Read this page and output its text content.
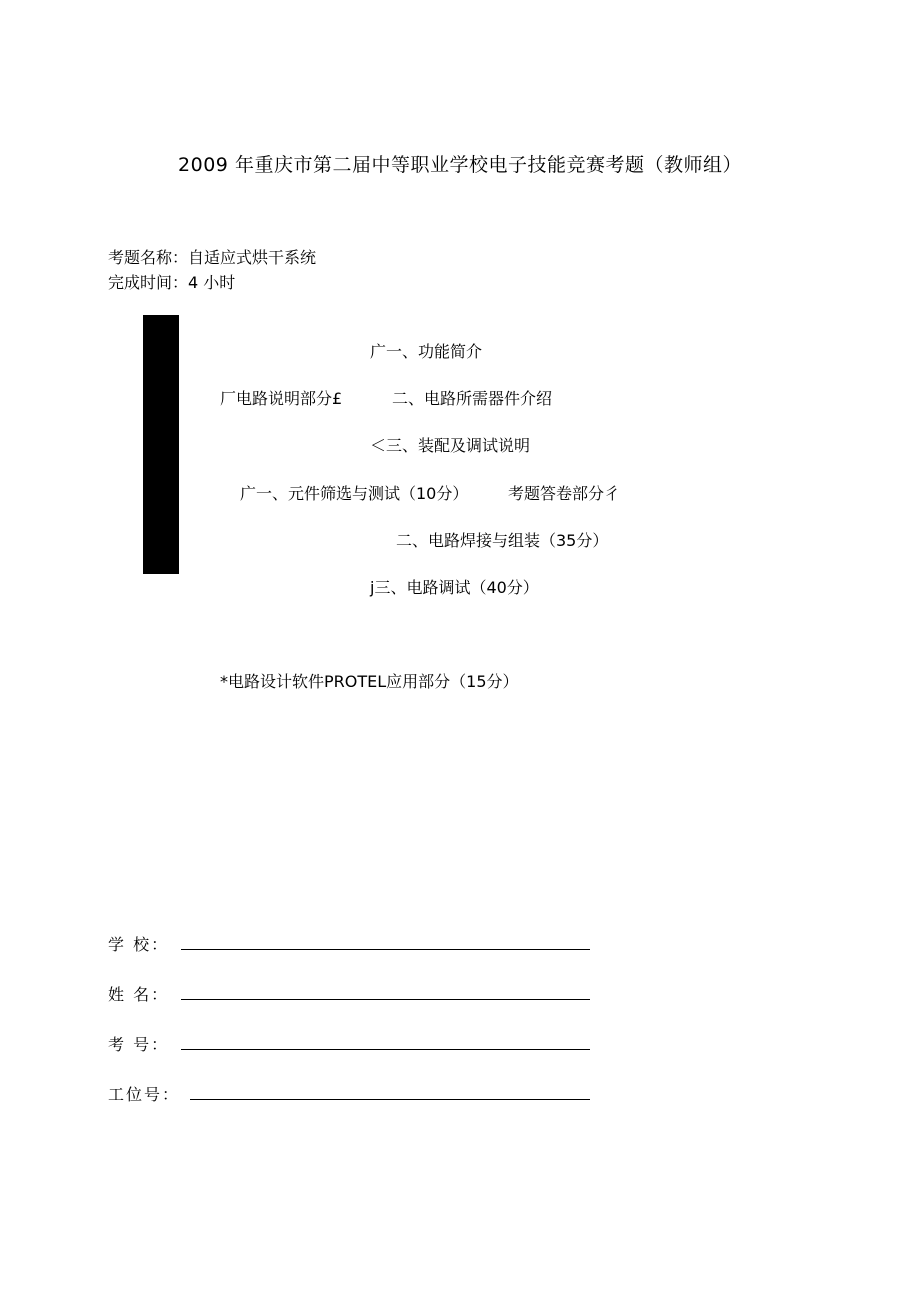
2009 年重庆市第二届中等职业学校电子技能竞赛考题（教师组）
考题名称：自适应式烘干系统
完成时间：4 小时
广一、功能简介
厂电路说明部分£	二、电路所需器件介绍
＜三、装配及调试说明
广一、元件筛选与测试（10分） 考题答卷部分彳
二、电路焊接与组装（35分）
j三、电路调试（40分）
*电路设计软件PROTEL应用部分（15分）
学 校：
姓 名：
考 号：
工位号：
